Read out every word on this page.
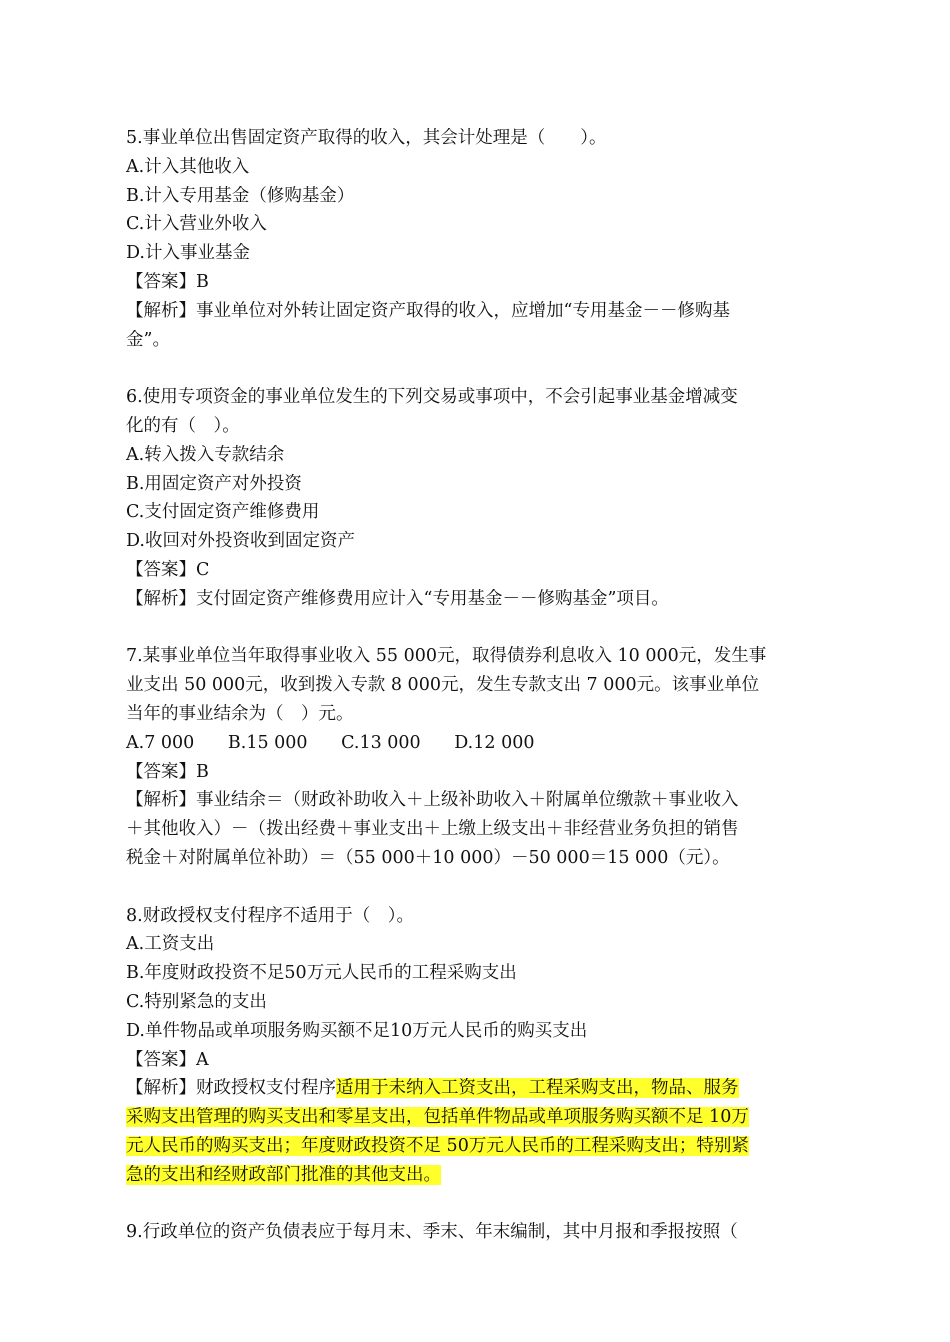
5.事业单位出售固定资产取得的收入，其会计处理是（　　）。
A.计入其他收入
B.计入专用基金（修购基金）
C.计入营业外收入
D.计入事业基金
【答案】B
【解析】事业单位对外转让固定资产取得的收入，应增加“专用基金－－修购基
金”。
6.使用专项资金的事业单位发生的下列交易或事项中，不会引起事业基金增减变
化的有（　）。
A.转入拨入专款结余
B.用固定资产对外投资
C.支付固定资产维修费用
D.收回对外投资收到固定资产
【答案】C
【解析】支付固定资产维修费用应计入“专用基金－－修购基金”项目。
7.某事业单位当年取得事业收入 55 000元，取得债券利息收入 10 000元，发生事
业支出 50 000元，收到拨入专款 8 000元，发生专款支出 7 000元。该事业单位
当年的事业结余为（　）元。
A.7 000 B.15 000 C.13 000 D.12 000
【答案】B
【解析】事业结余＝（财政补助收入＋上级补助收入＋附属单位缴款＋事业收入
＋其他收入）－（拨出经费＋事业支出＋上缴上级支出＋非经营业务负担的销售
税金＋对附属单位补助）＝（55 000＋10 000）－50 000＝15 000（元）。
8.财政授权支付程序不适用于（　）。
A.工资支出
B.年度财政投资不足50万元人民币的工程采购支出
C.特别紧急的支出
D.单件物品或单项服务购买额不足10万元人民币的购买支出
【答案】A
【解析】财政授权支付程序适用于未纳入工资支出，工程采购支出，物品、服务
采购支出管理的购买支出和零星支出，包括单件物品或单项服务购买额不足 10万
元人民币的购买支出；年度财政投资不足 50万元人民币的工程采购支出；特别紧
急的支出和经财政部门批准的其他支出。
9.行政单位的资产负债表应于每月末、季末、年末编制，其中月报和季报按照（
